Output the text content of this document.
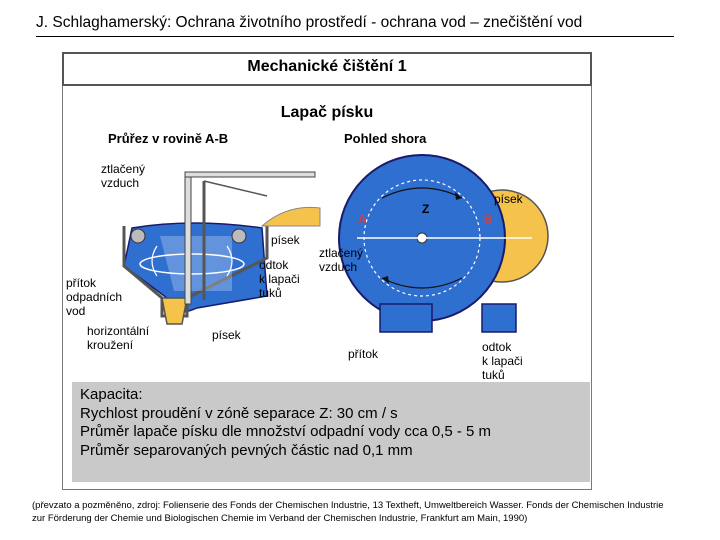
J. Schlaghamerský: Ochrana životního prostředí - ochrana vod – znečištění vod
Mechanické čištění 1
Lapač písku
Průřez v rovině A-B	Pohled shora
ztlačený
vzduch
písek
A
Z
B
písek
ztlačený
vzduch
odtok
k lapači
tuků
přítok
odpadních
vod
horizontální
kroužení
písek
přítok	odtok
k lapači
tuků
Kapacita:
Rychlost proudění v zóně separace Z: 30 cm / s
Průměr lapače písku dle množství odpadní vody cca 0,5 - 5 m
Průměr separovaných pevných částic nad 0,1 mm
(převzato a pozměněno, zdroj: Folienserie des Fonds der Chemischen Industrie, 13 Textheft, Umweltbereich Wasser. Fonds der Chemischen Industrie
zur Förderung der Chemie und Biologischen Chemie im Verband der Chemischen Industrie, Frankfurt am Main, 1990)
